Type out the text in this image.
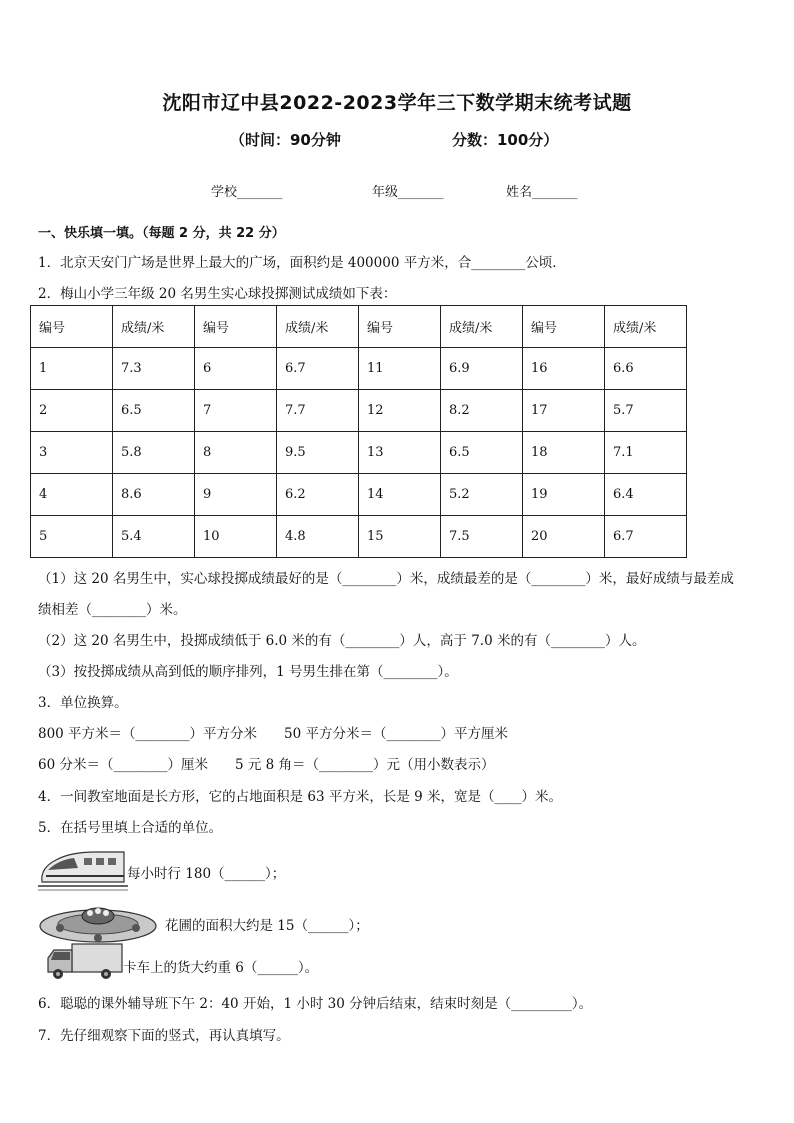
沈阳市辽中县2022-2023学年三下数学期末统考试题
（时间：90分钟	分数：100分）
学校_______	年级_______	姓名_______
一、快乐填一填。（每题 2 分，共 22 分）
1．北京天安门广场是世界上最大的广场，面积约是 400000 平方米，合________公顷．
2．梅山小学三年级 20 名男生实心球投掷测试成绩如下表：
编号	成绩/米	编号	成绩/米	编号	成绩/米	编号	成绩/米
1	7.3	6	6.7	11	6.9	16	6.6
2	6.5	7	7.7	12	8.2	17	5.7
3	5.8	8	9.5	13	6.5	18	7.1
4	8.6	9	6.2	14	5.2	19	6.4
5	5.4	10	4.8	15	7.5	20	6.7
（1）这 20 名男生中，实心球投掷成绩最好的是（________）米，成绩最差的是（________）米，最好成绩与最差成
绩相差（________）米。
（2）这 20 名男生中，投掷成绩低于 6.0 米的有（________）人，高于 7.0 米的有（________）人。
（3）按投掷成绩从高到低的顺序排列，1 号男生排在第（________）。
3．单位换算。
800 平方米＝（________）平方分米　　50 平方分米＝（________）平方厘米
60 分米＝（________）厘米　　5 元 8 角＝（________）元（用小数表示）
4．一间教室地面是长方形，它的占地面积是 63 平方米，长是 9 米，宽是（____）米。
5．在括号里填上合适的单位。
每小时行 180（______）；
花圃的面积大约是 15（______）；
卡车上的货大约重 6（______）。
6．聪聪的课外辅导班下午 2：40 开始，1 小时 30 分钟后结束，结束时刻是（_________）。
7．先仔细观察下面的竖式，再认真填写。
